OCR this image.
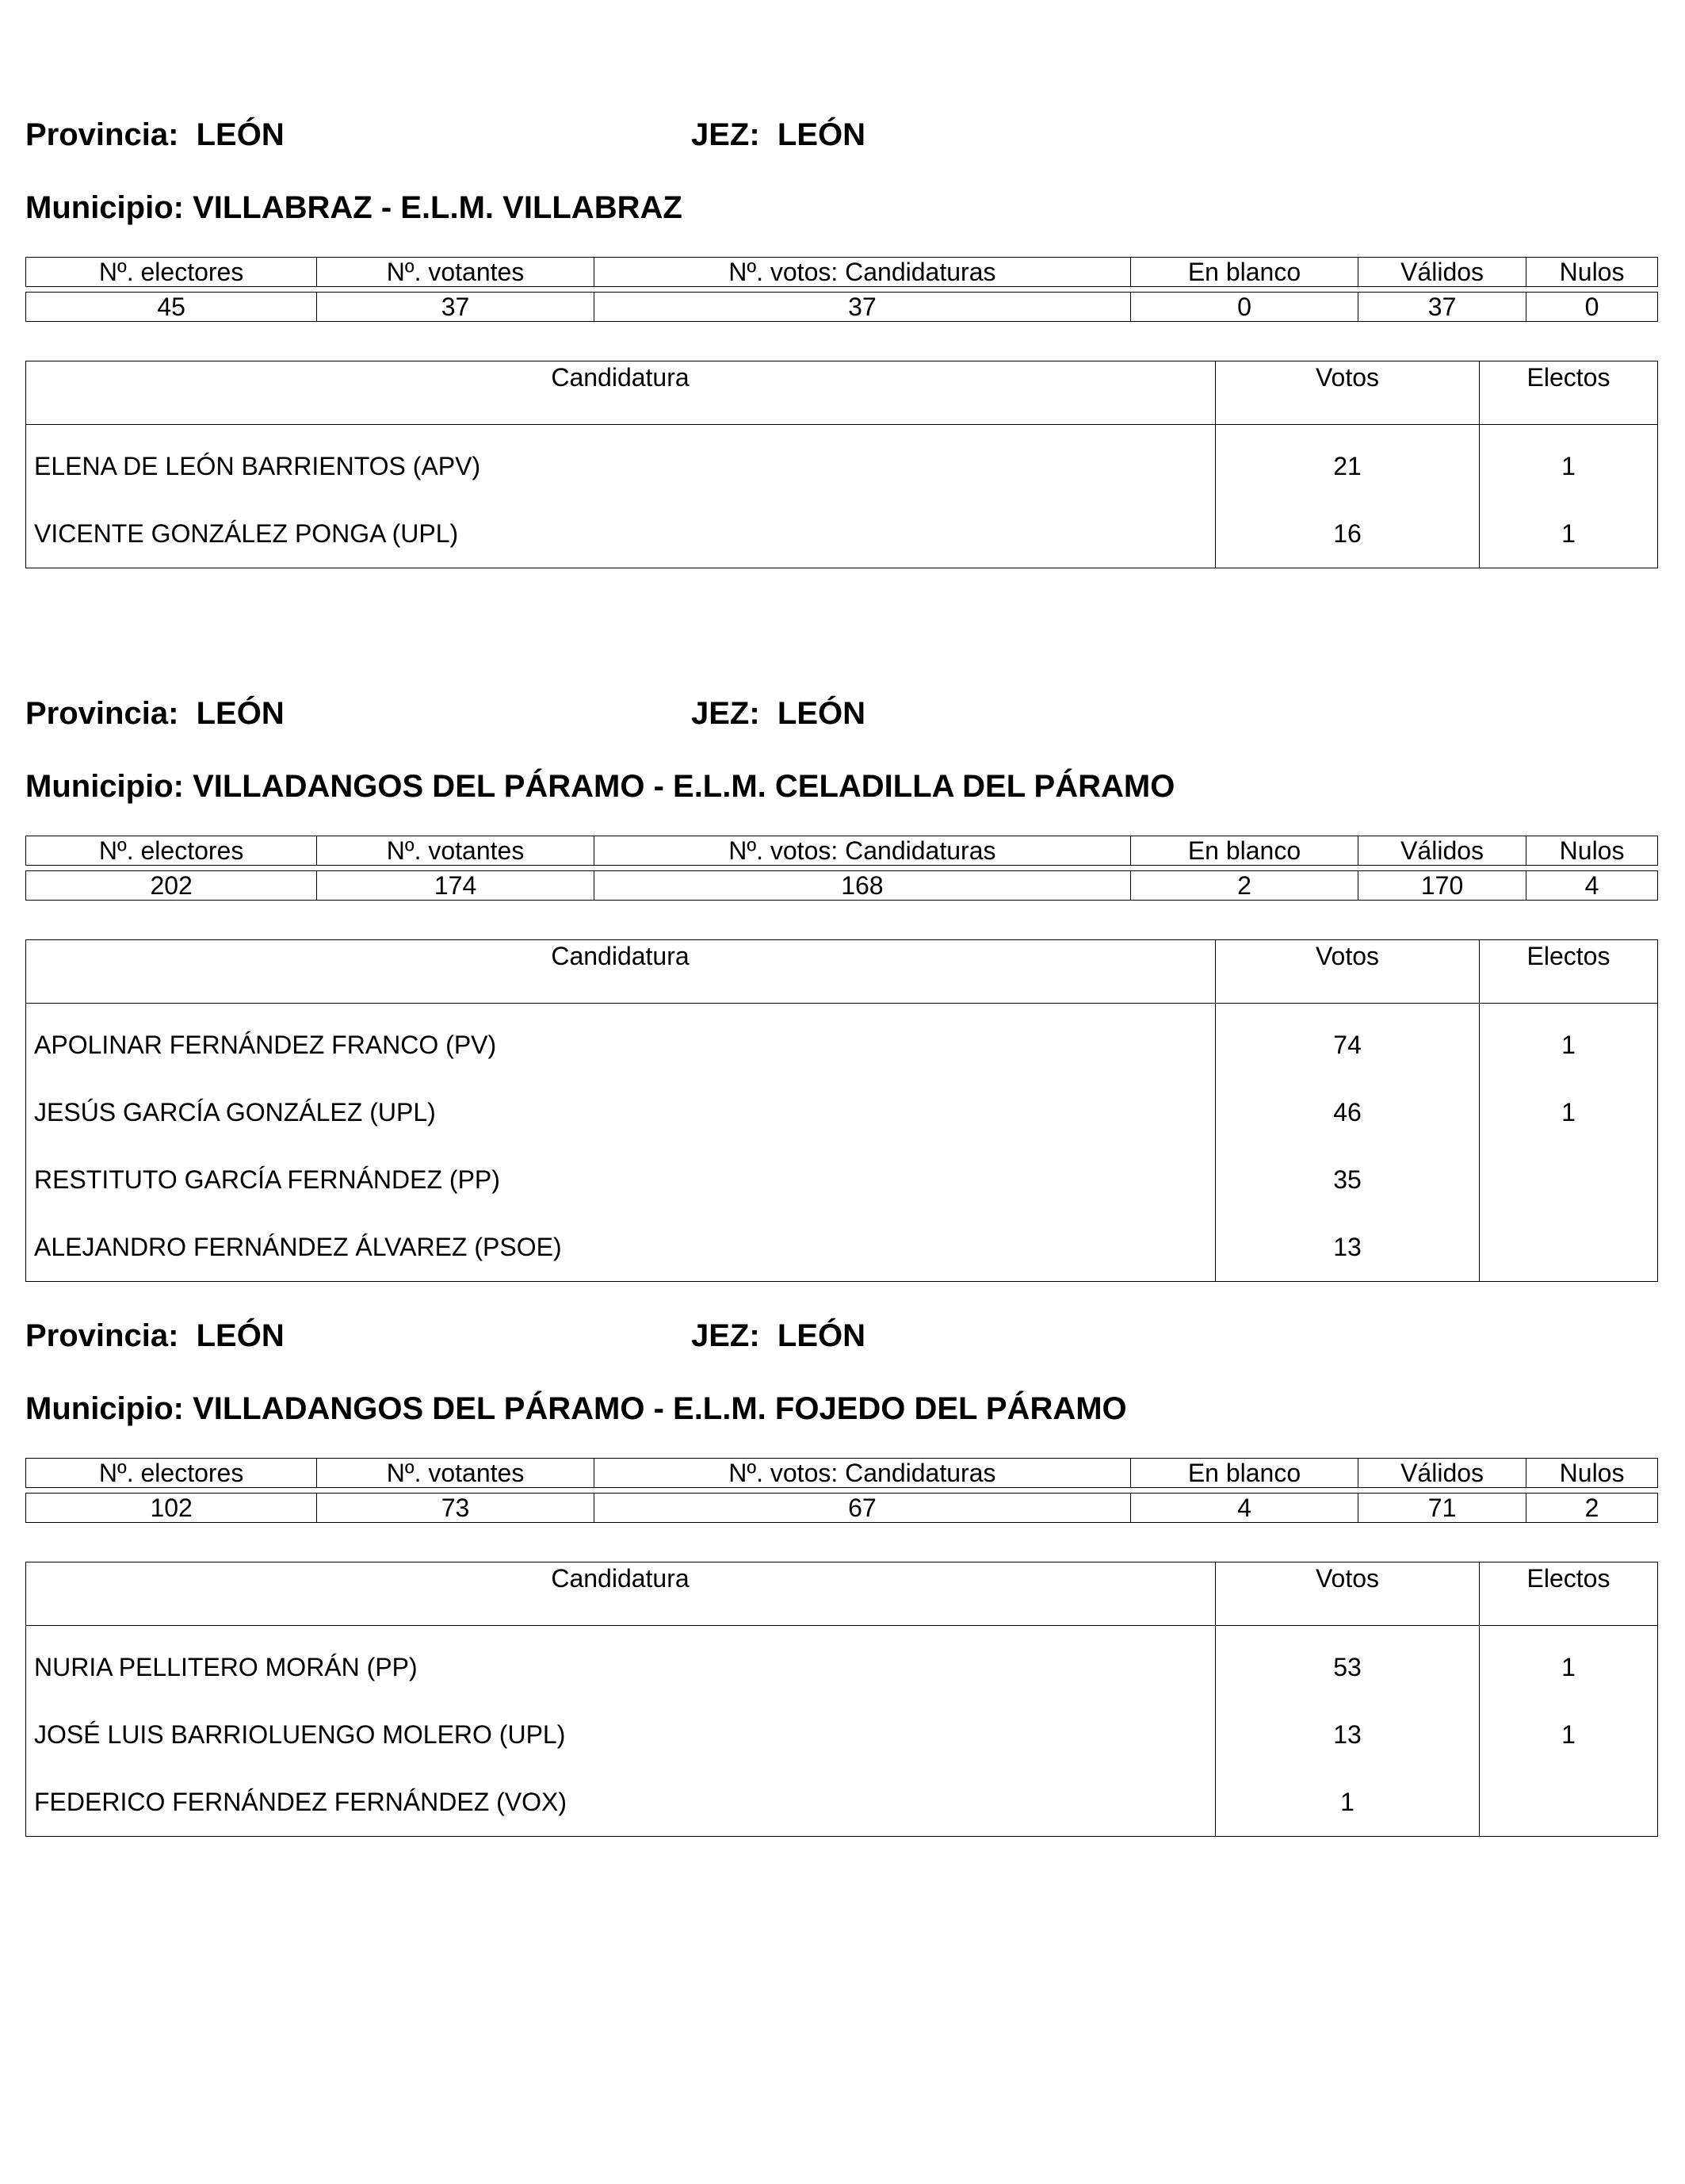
Provincia:  LEÓN	JEZ:  LEÓN
Municipio: VILLABRAZ - E.L.M. VILLABRAZ
Nº. electores	Nº. votantes	Nº. votos: Candidaturas	En blanco	Válidos	Nulos

45	37	37	0	37	0
Candidatura	Votos	Electos
ELENA DE LEÓN BARRIENTOS (APV)	21	1
VICENTE GONZÁLEZ PONGA (UPL)	16	1
Provincia:  LEÓN	JEZ:  LEÓN
Municipio: VILLADANGOS DEL PÁRAMO - E.L.M. CELADILLA DEL PÁRAMO
Nº. electores	Nº. votantes	Nº. votos: Candidaturas	En blanco	Válidos	Nulos

202	174	168	2	170	4
Candidatura	Votos	Electos
APOLINAR FERNÁNDEZ FRANCO (PV)	74	1
JESÚS GARCÍA GONZÁLEZ (UPL)	46	1
RESTITUTO GARCÍA FERNÁNDEZ (PP)	35	
ALEJANDRO FERNÁNDEZ ÁLVAREZ (PSOE)	13	
Provincia:  LEÓN	JEZ:  LEÓN
Municipio: VILLADANGOS DEL PÁRAMO - E.L.M. FOJEDO DEL PÁRAMO
Nº. electores	Nº. votantes	Nº. votos: Candidaturas	En blanco	Válidos	Nulos

102	73	67	4	71	2
Candidatura	Votos	Electos
NURIA PELLITERO MORÁN (PP)	53	1
JOSÉ LUIS BARRIOLUENGO MOLERO (UPL)	13	1
FEDERICO FERNÁNDEZ FERNÁNDEZ (VOX)	1	
